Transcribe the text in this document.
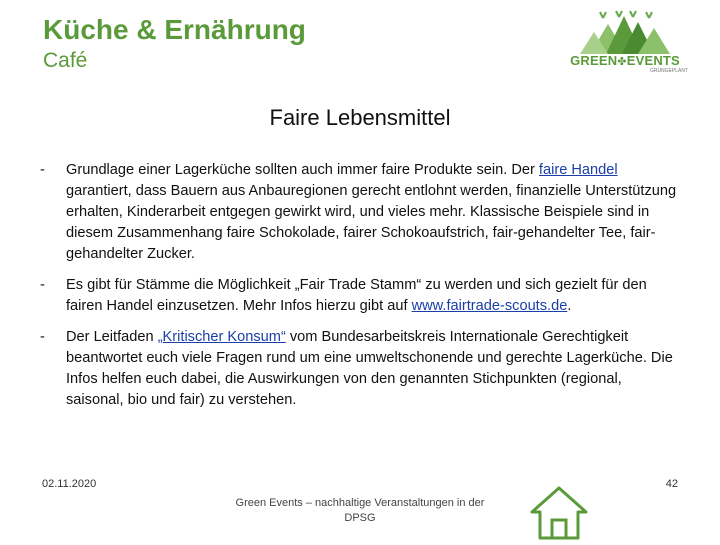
Küche & Ernährung
Café	GREEN✤EVENTS
GRÜNGEPLANT
Faire Lebensmittel
- Grundlage einer Lagerküche sollten auch immer faire Produkte sein. Der faire Handel garantiert, dass Bauern aus Anbauregionen gerecht entlohnt werden, finanzielle Unterstützung erhalten, Kinderarbeit entgegen gewirkt wird, und vieles mehr. Klassische Beispiele sind in diesem Zusammenhang faire Schokolade, fairer Schokoaufstrich, fair-gehandelter Tee, fair-gehandelter Zucker.
- Es gibt für Stämme die Möglichkeit „Fair Trade Stamm“ zu werden und sich gezielt für den fairen Handel einzusetzen. Mehr Infos hierzu gibt auf www.fairtrade-scouts.de.
- Der Leitfaden „Kritischer Konsum“ vom Bundesarbeitskreis Internationale Gerechtigkeit beantwortet euch viele Fragen rund um eine umweltschonende und gerechte Lagerküche. Die Infos helfen euch dabei, die Auswirkungen von den genannten Stichpunkten (regional, saisonal, bio und fair) zu verstehen.
02.11.2020
Green Events – nachhaltige Veranstaltungen in der
DPSG
42
